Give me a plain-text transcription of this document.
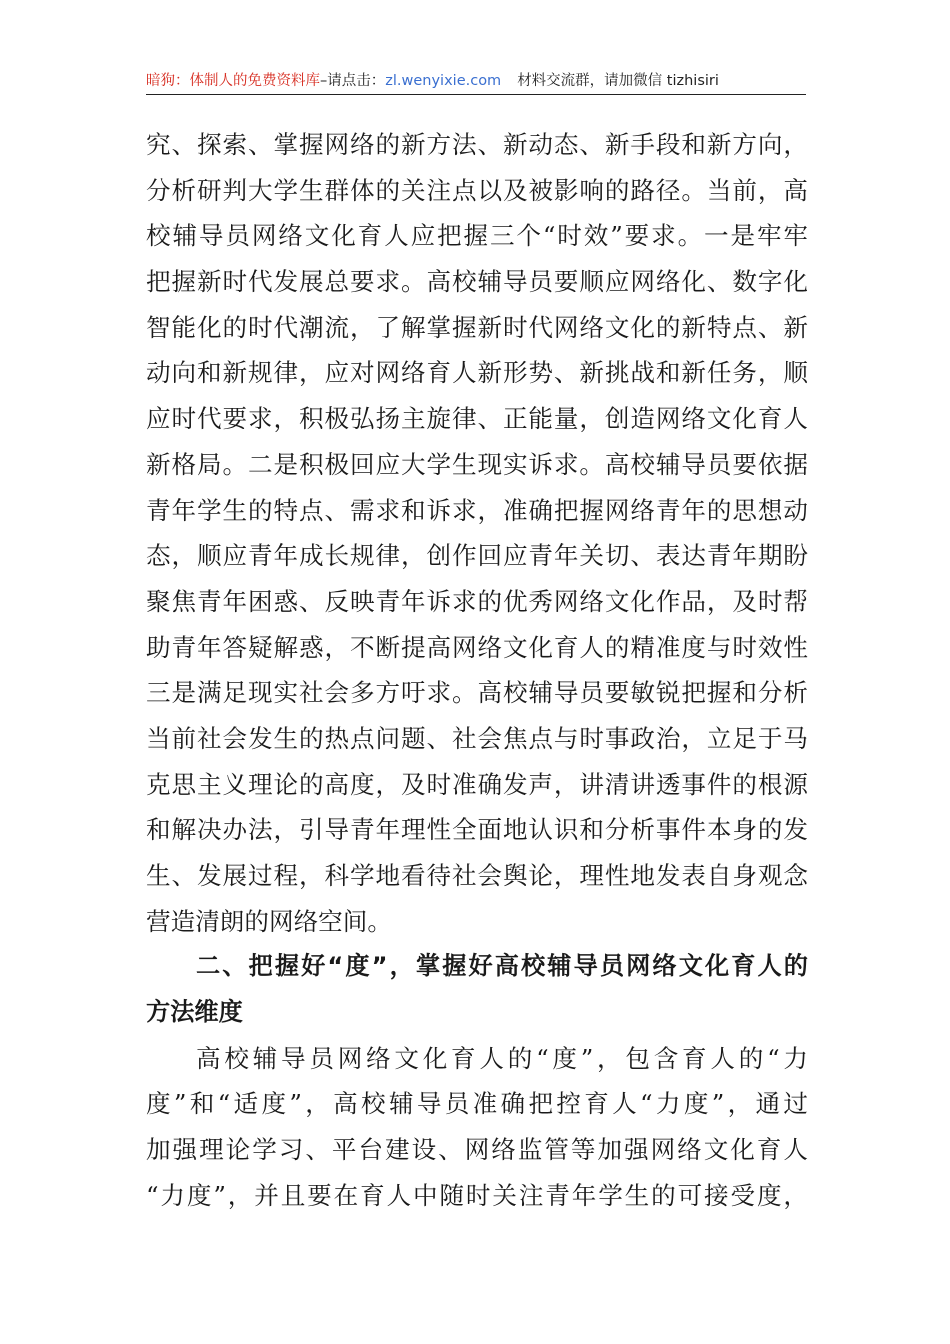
暗狗：体制人的免费资料库–请点击：zl.wenyixie.com 材料交流群，请加微信 tizhisiri
究、探索、掌握网络的新方法、新动态、新手段和新方向，
分析研判大学生群体的关注点以及被影响的路径。当前，高
校辅导员网络文化育人应把握三个“时效”要求。一是牢牢
把握新时代发展总要求。高校辅导员要顺应网络化、数字化
智能化的时代潮流，了解掌握新时代网络文化的新特点、新
动向和新规律，应对网络育人新形势、新挑战和新任务，顺
应时代要求，积极弘扬主旋律、正能量，创造网络文化育人
新格局。二是积极回应大学生现实诉求。高校辅导员要依据
青年学生的特点、需求和诉求，准确把握网络青年的思想动
态，顺应青年成长规律，创作回应青年关切、表达青年期盼
聚焦青年困惑、反映青年诉求的优秀网络文化作品，及时帮
助青年答疑解惑，不断提高网络文化育人的精准度与时效性
三是满足现实社会多方吁求。高校辅导员要敏锐把握和分析
当前社会发生的热点问题、社会焦点与时事政治，立足于马
克思主义理论的高度，及时准确发声，讲清讲透事件的根源
和解决办法，引导青年理性全面地认识和分析事件本身的发
生、发展过程，科学地看待社会舆论，理性地发表自身观念
营造清朗的网络空间。
二、把握好“度”，掌握好高校辅导员网络文化育人的
方法维度
高校辅导员网络文化育人的“度”，包含育人的“力
度”和“适度”，高校辅导员准确把控育人“力度”，通过
加强理论学习、平台建设、网络监管等加强网络文化育人
“力度”，并且要在育人中随时关注青年学生的可接受度，
